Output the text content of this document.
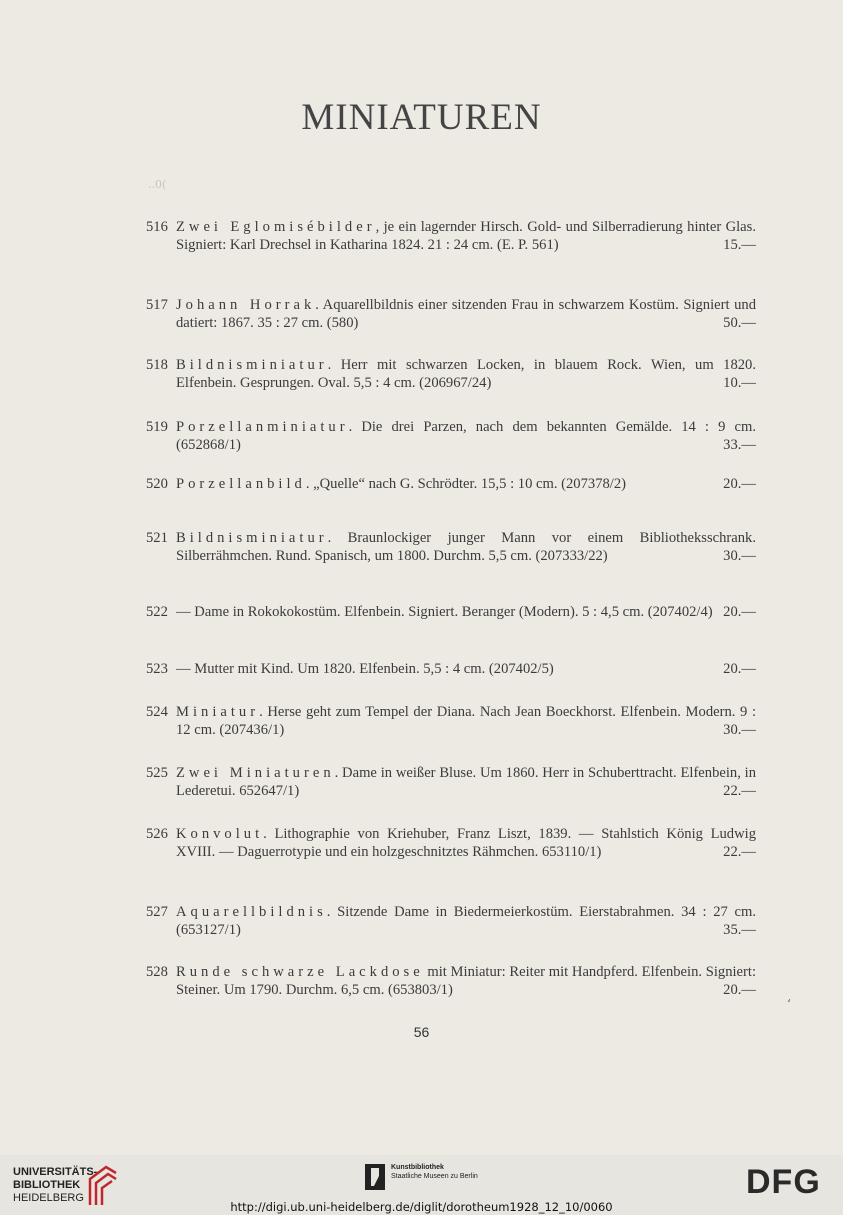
MINIATUREN
..0(
516 Zwei Eglomisébilder, je ein lagernder Hirsch. Gold- und Silberradierung hinter Glas. Signiert: Karl Drechsel in Katharina 1824. 21 : 24 cm. (E. P. 561)	15.—
517 Johann Horrak. Aquarellbildnis einer sitzenden Frau in schwarzem Kostüm. Signiert und datiert: 1867. 35 : 27 cm. (580)	50.—
518 Bildnisminiatur. Herr mit schwarzen Locken, in blauem Rock. Wien, um 1820. Elfenbein. Gesprungen. Oval. 5,5 : 4 cm. (206967/24)	10.—
519 Porzellanminiatur. Die drei Parzen, nach dem bekannten Gemälde. 14 : 9 cm. (652868/1)	33.—
520 Porzellanbild. „Quelle“ nach G. Schrödter. 15,5 : 10 cm. (207378/2)	20.—
521 Bildnisminiatur. Braunlockiger junger Mann vor einem Bibliotheksschrank. Silberrähmchen. Rund. Spanisch, um 1800. Durchm. 5,5 cm. (207333/22)	30.—
522 — Dame in Rokokokostüm. Elfenbein. Signiert. Beranger (Modern). 5 : 4,5 cm. (207402/4) 20.—
523 — Mutter mit Kind. Um 1820. Elfenbein. 5,5 : 4 cm. (207402/5)	20.—
524 Miniatur. Herse geht zum Tempel der Diana. Nach Jean Boeckhorst. Elfenbein. Modern. 9 : 12 cm. (207436/1)	30.—
525 Zwei Miniaturen. Dame in weißer Bluse. Um 1860. Herr in Schuberttracht. Elfenbein, in Lederetui. 652647/1)	22.—
526 Konvolut. Lithographie von Kriehuber, Franz Liszt, 1839. — Stahlstich König Ludwig XVIII. — Daguerrotypie und ein holzgeschnitztes Rähmchen. 653110/1)	22.—
527 Aquarellbildnis. Sitzende Dame in Biedermeierkostüm. Eierstabrahmen. 34 : 27 cm. (653127/1)	35.—
528 Runde schwarze Lackdose mit Miniatur: Reiter mit Handpferd. Elfenbein. Signiert: Steiner. Um 1790. Durchm. 6,5 cm. (653803/1)	20.—
‘
56
UNIVERSITÄTS-
BIBLIOTHEK
HEIDELBERG
Kunstbibliothek
Staatliche Museen zu Berlin	DFG
http://digi.ub.uni-heidelberg.de/diglit/dorotheum1928_12_10/0060
